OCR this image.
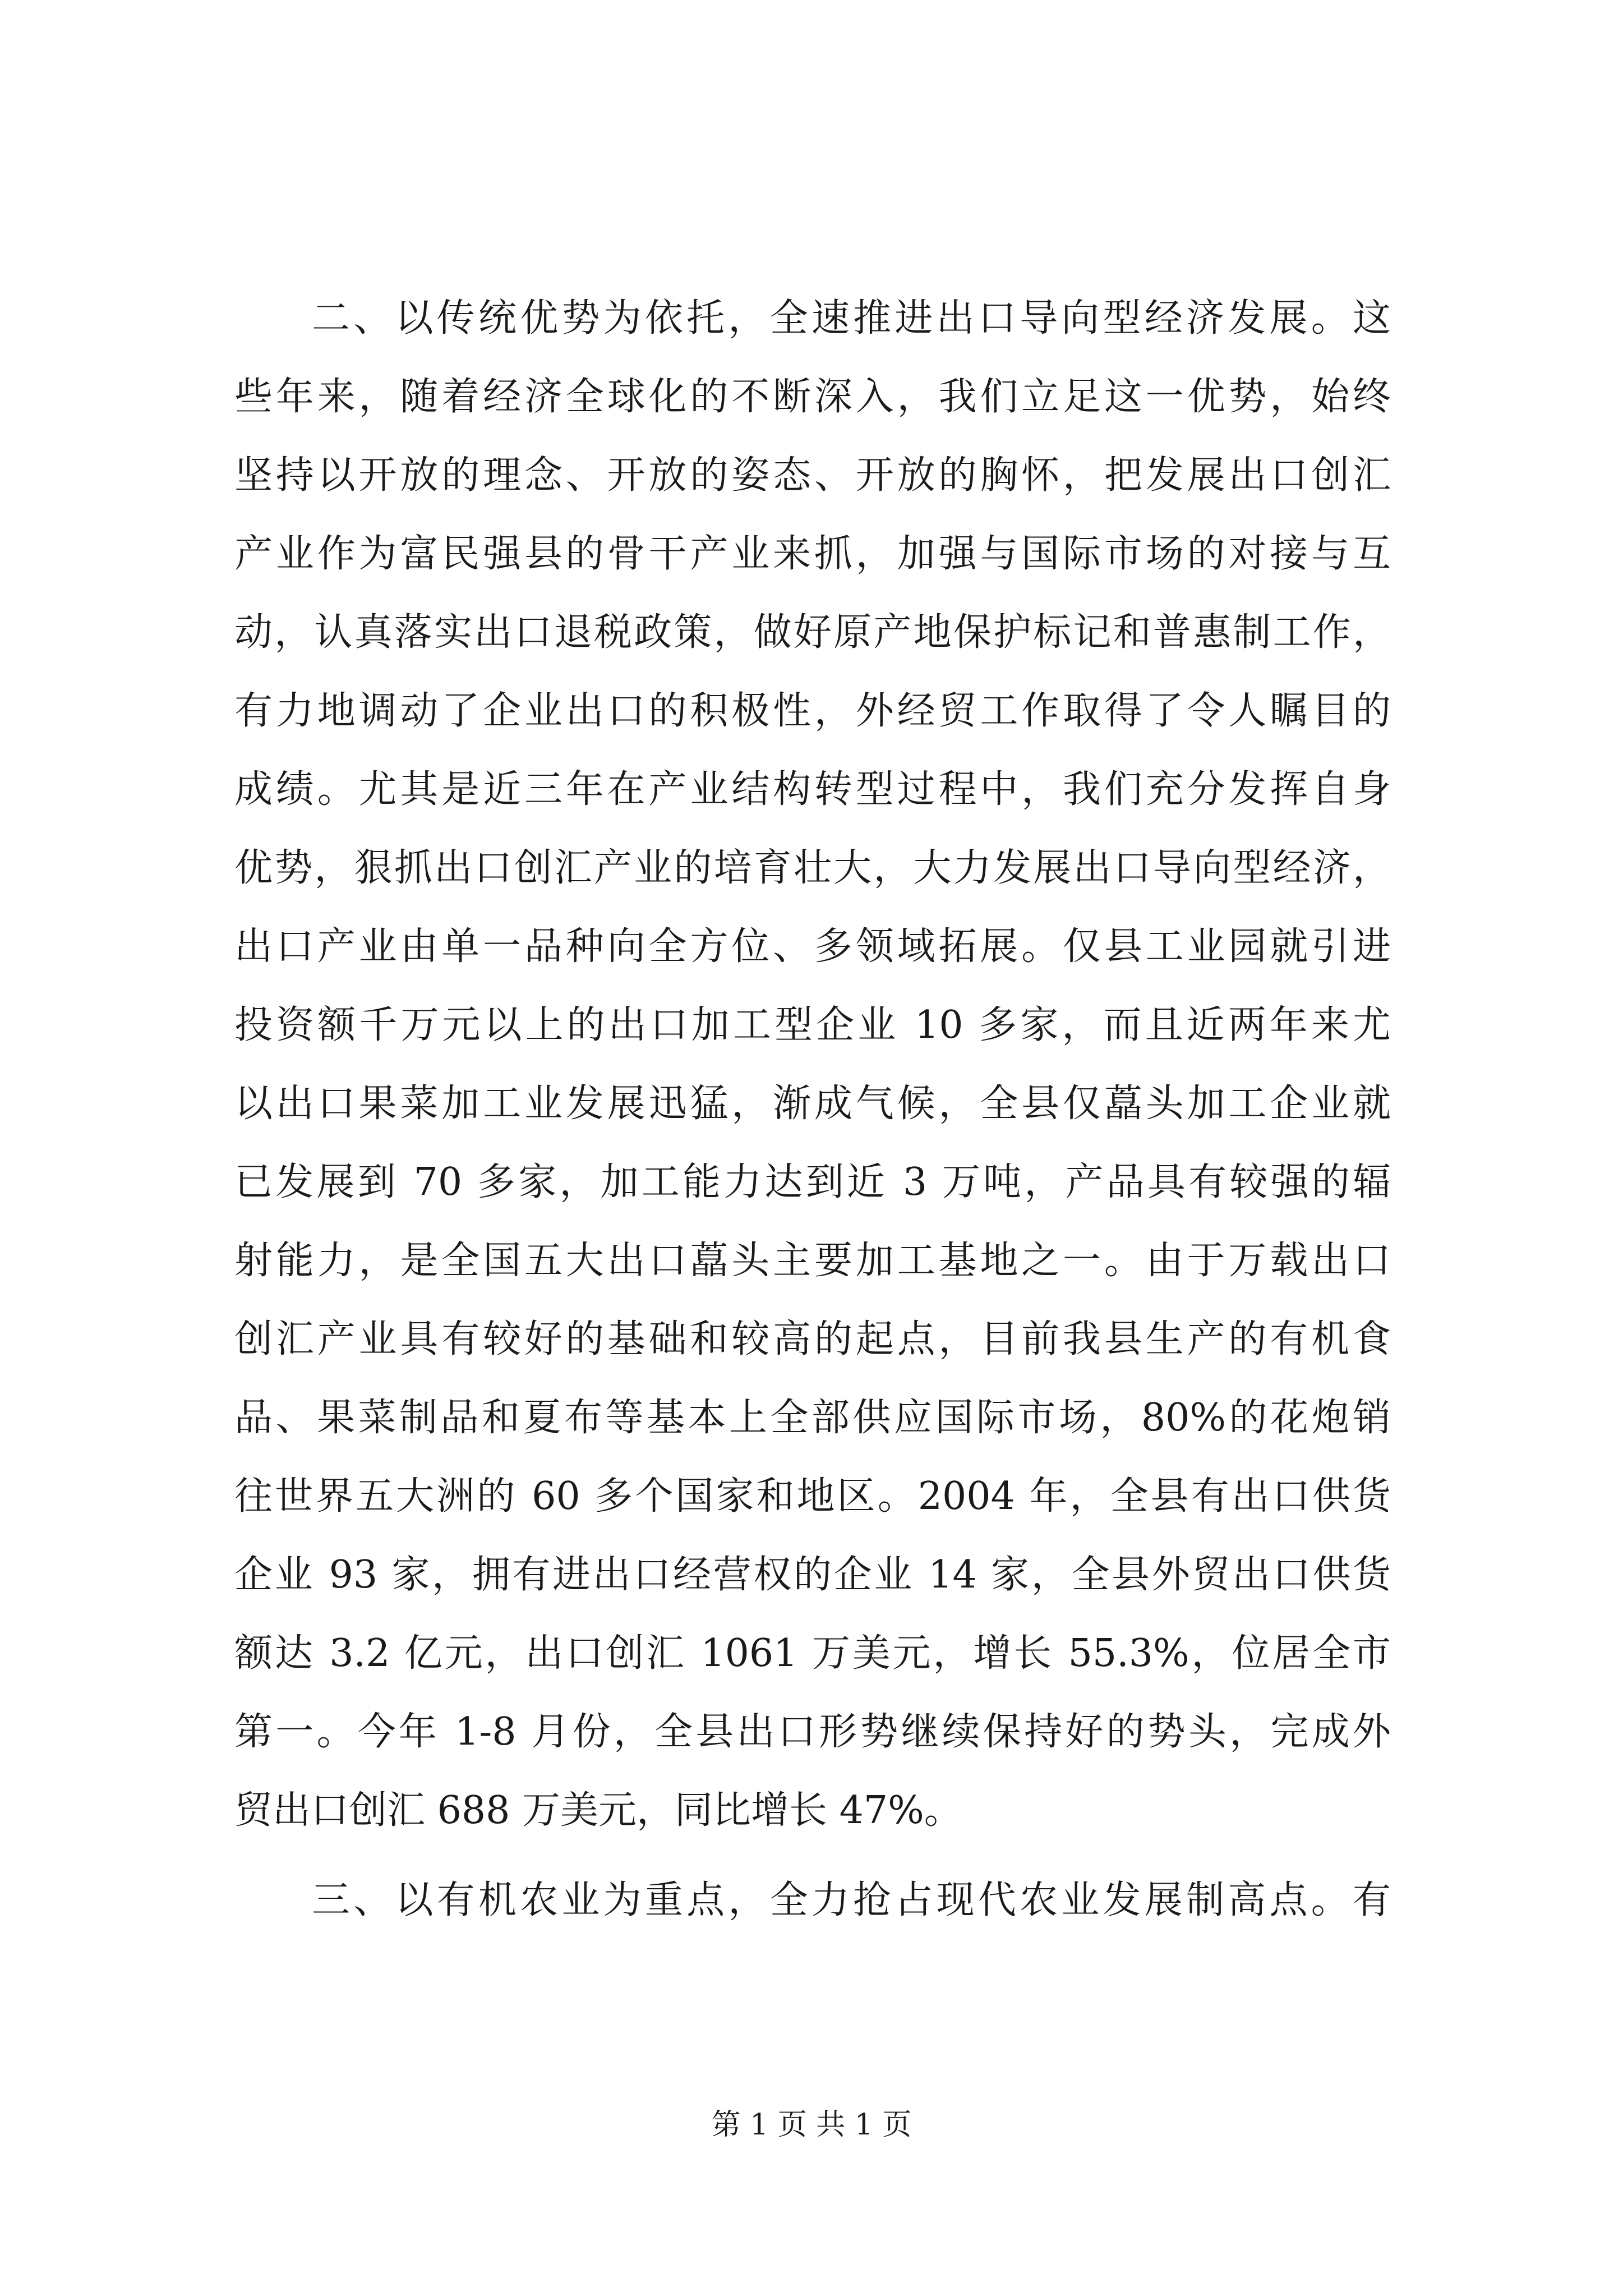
二、以传统优势为依托，全速推进出口导向型经济发展。这
些年来，随着经济全球化的不断深入，我们立足这一优势，始终
坚持以开放的理念、开放的姿态、开放的胸怀，把发展出口创汇
产业作为富民强县的骨干产业来抓，加强与国际市场的对接与互
动，认真落实出口退税政策，做好原产地保护标记和普惠制工作，
有力地调动了企业出口的积极性，外经贸工作取得了令人瞩目的
成绩。尤其是近三年在产业结构转型过程中，我们充分发挥自身
优势，狠抓出口创汇产业的培育壮大，大力发展出口导向型经济，
出口产业由单一品种向全方位、多领域拓展。仅县工业园就引进
投资额千万元以上的出口加工型企业 10 多家，而且近两年来尤
以出口果菜加工业发展迅猛，渐成气候，全县仅藠头加工企业就
已发展到 70 多家，加工能力达到近 3 万吨，产品具有较强的辐
射能力，是全国五大出口藠头主要加工基地之一。由于万载出口
创汇产业具有较好的基础和较高的起点，目前我县生产的有机食
品、果菜制品和夏布等基本上全部供应国际市场，80%的花炮销
往世界五大洲的 60 多个国家和地区。2004 年，全县有出口供货
企业 93 家，拥有进出口经营权的企业 14 家，全县外贸出口供货
额达 3.2 亿元，出口创汇 1061 万美元，增长 55.3%，位居全市
第一。今年 1-8 月份，全县出口形势继续保持好的势头，完成外
贸出口创汇 688 万美元，同比增长 47%。
三、以有机农业为重点，全力抢占现代农业发展制高点。有
第 1 页 共 1 页
